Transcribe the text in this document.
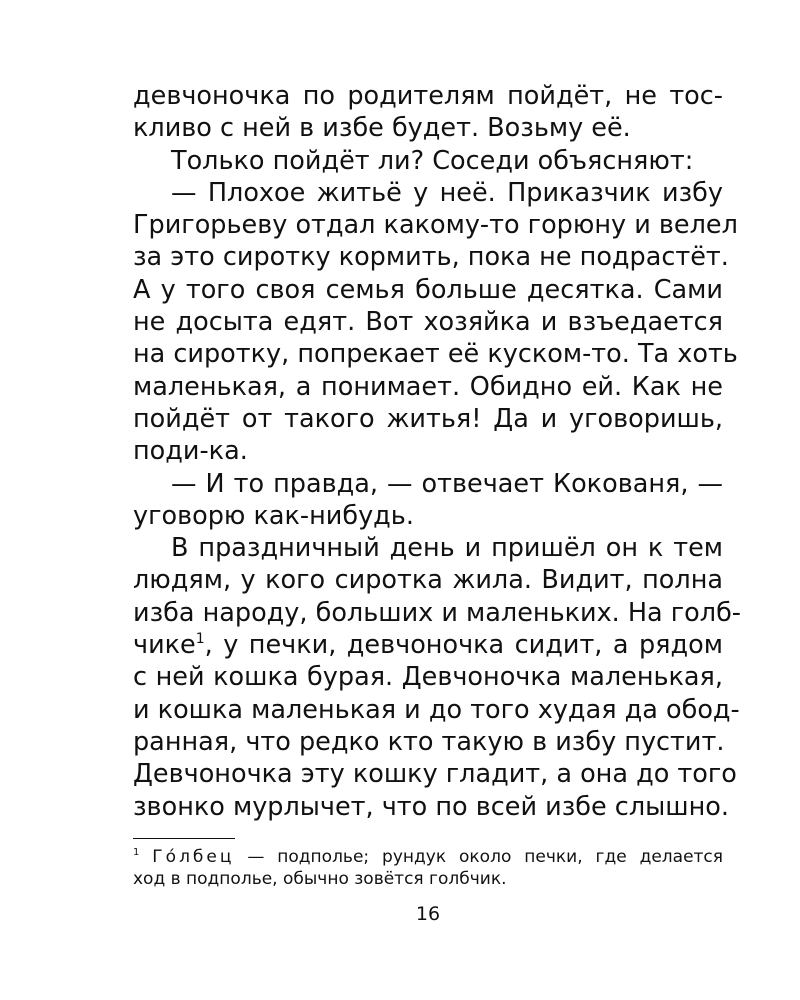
девчоночка по родителям пойдёт, не тос-
кливо с ней в избе будет. Возьму её.
Только пойдёт ли? Соседи объясняют:
— Плохое житьё у неё. Приказчик избу
Григорьеву отдал какому-то горюну и велел
за это сиротку кормить, пока не подрастёт.
А у того своя семья больше десятка. Сами
не досыта едят. Вот хозяйка и взъедается
на сиротку, попрекает её куском-то. Та хоть
маленькая, а понимает. Обидно ей. Как не
пойдёт от такого житья! Да и уговоришь,
поди-ка.
— И то правда, — отвечает Кокованя, —
уговорю как-нибудь.
В праздничный день и пришёл он к тем
людям, у кого сиротка жила. Видит, полна
изба народу, больших и маленьких. На голб-
чике$^1$, у печки, девчоночка сидит, а рядом
с ней кошка бурая. Девчоночка маленькая,
и кошка маленькая и до того худая да обод-
ранная, что редко кто такую в избу пустит.
Девчоночка эту кошку гладит, а она до того
звонко мурлычет, что по всей избе слышно.
$^1$ Го́лбец — подполье; рундук около печки, где делается
ход в подполье, обычно зовётся голбчик.
16
